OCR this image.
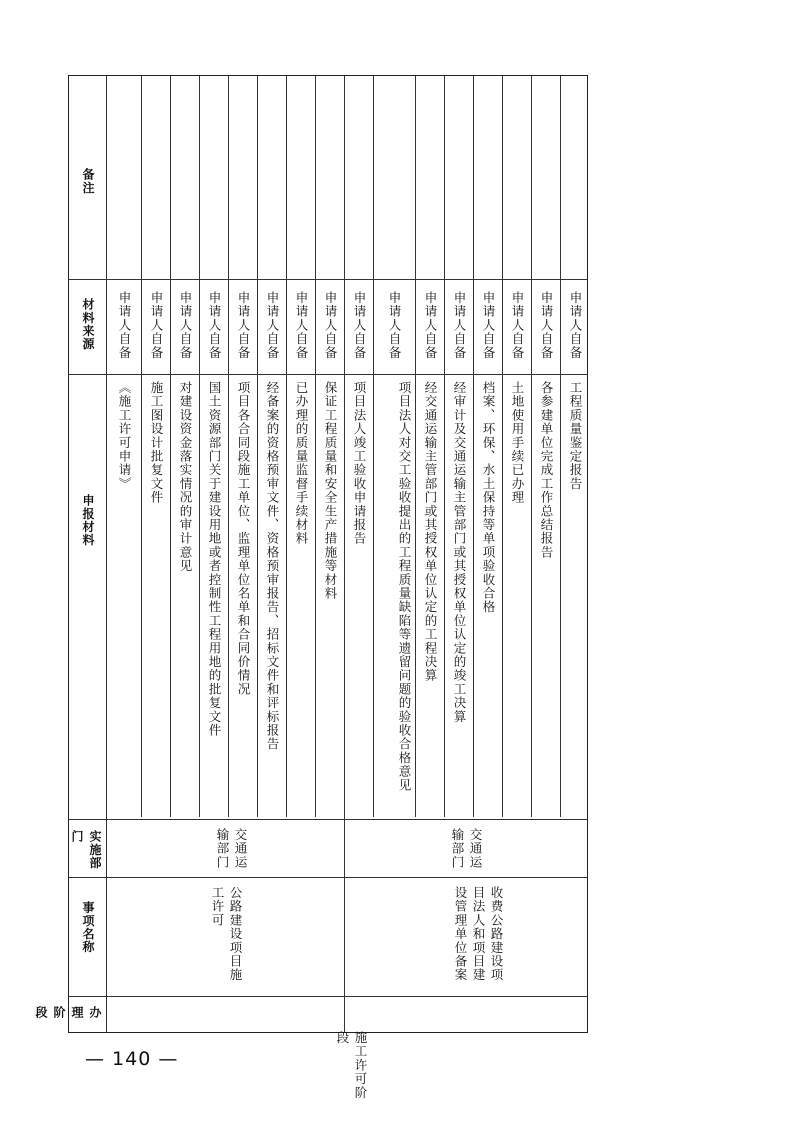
申报材料
材料来源
备注
实施部门
事项名称
办理阶段
施工许可阶段
公路建设项目施工许可
交通运输部门
收费公路建设项目法人和项目建设管理单位备案
交通运输部门
《施工许可申请》 施工图设计批复文件 对建设资金落实情况的审计意见 国土资源部门关于建设用地或者控制性工程用地的批复文件 项目各合同段施工单位、监理单位名单和合同价情况 经备案的资格预审文件、资格预审报告、招标文件和评标报告 已办理的质量监督手续材料 保证工程质量和安全生产措施等材料 项目法人竣工验收申请报告	项目法人对交工验收提出的工程质量缺陷等遗留问题的验收合格意见 经交通运输主管部门或其授权单位认定的工程决算 经审计及交通运输主管部门或其授权单位认定的竣工决算 档案、环保、水土保持等单项验收合格 土地使用手续已办理 各参建单位完成工作总结报告 工程质量鉴定报告
申请人自备 申请人自备 申请人自备 申请人自备 申请人自备 申请人自备 申请人自备 申请人自备 申请人自备 申请人自备 申请人自备 申请人自备 申请人自备 申请人自备 申请人自备 申请人自备
— 140 —
